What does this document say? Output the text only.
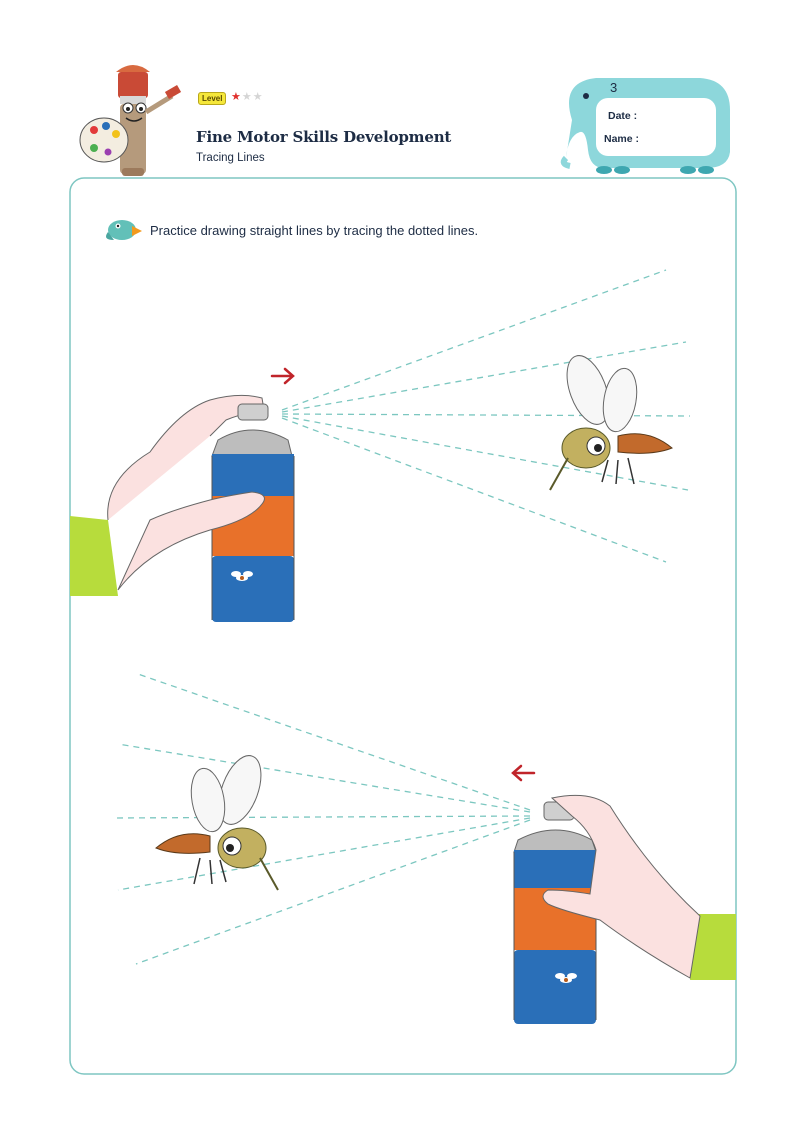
3
Level ★★★
Fine Motor Skills Development
Tracing Lines
Date :
Name :
Practice drawing straight lines by tracing the dotted lines.
